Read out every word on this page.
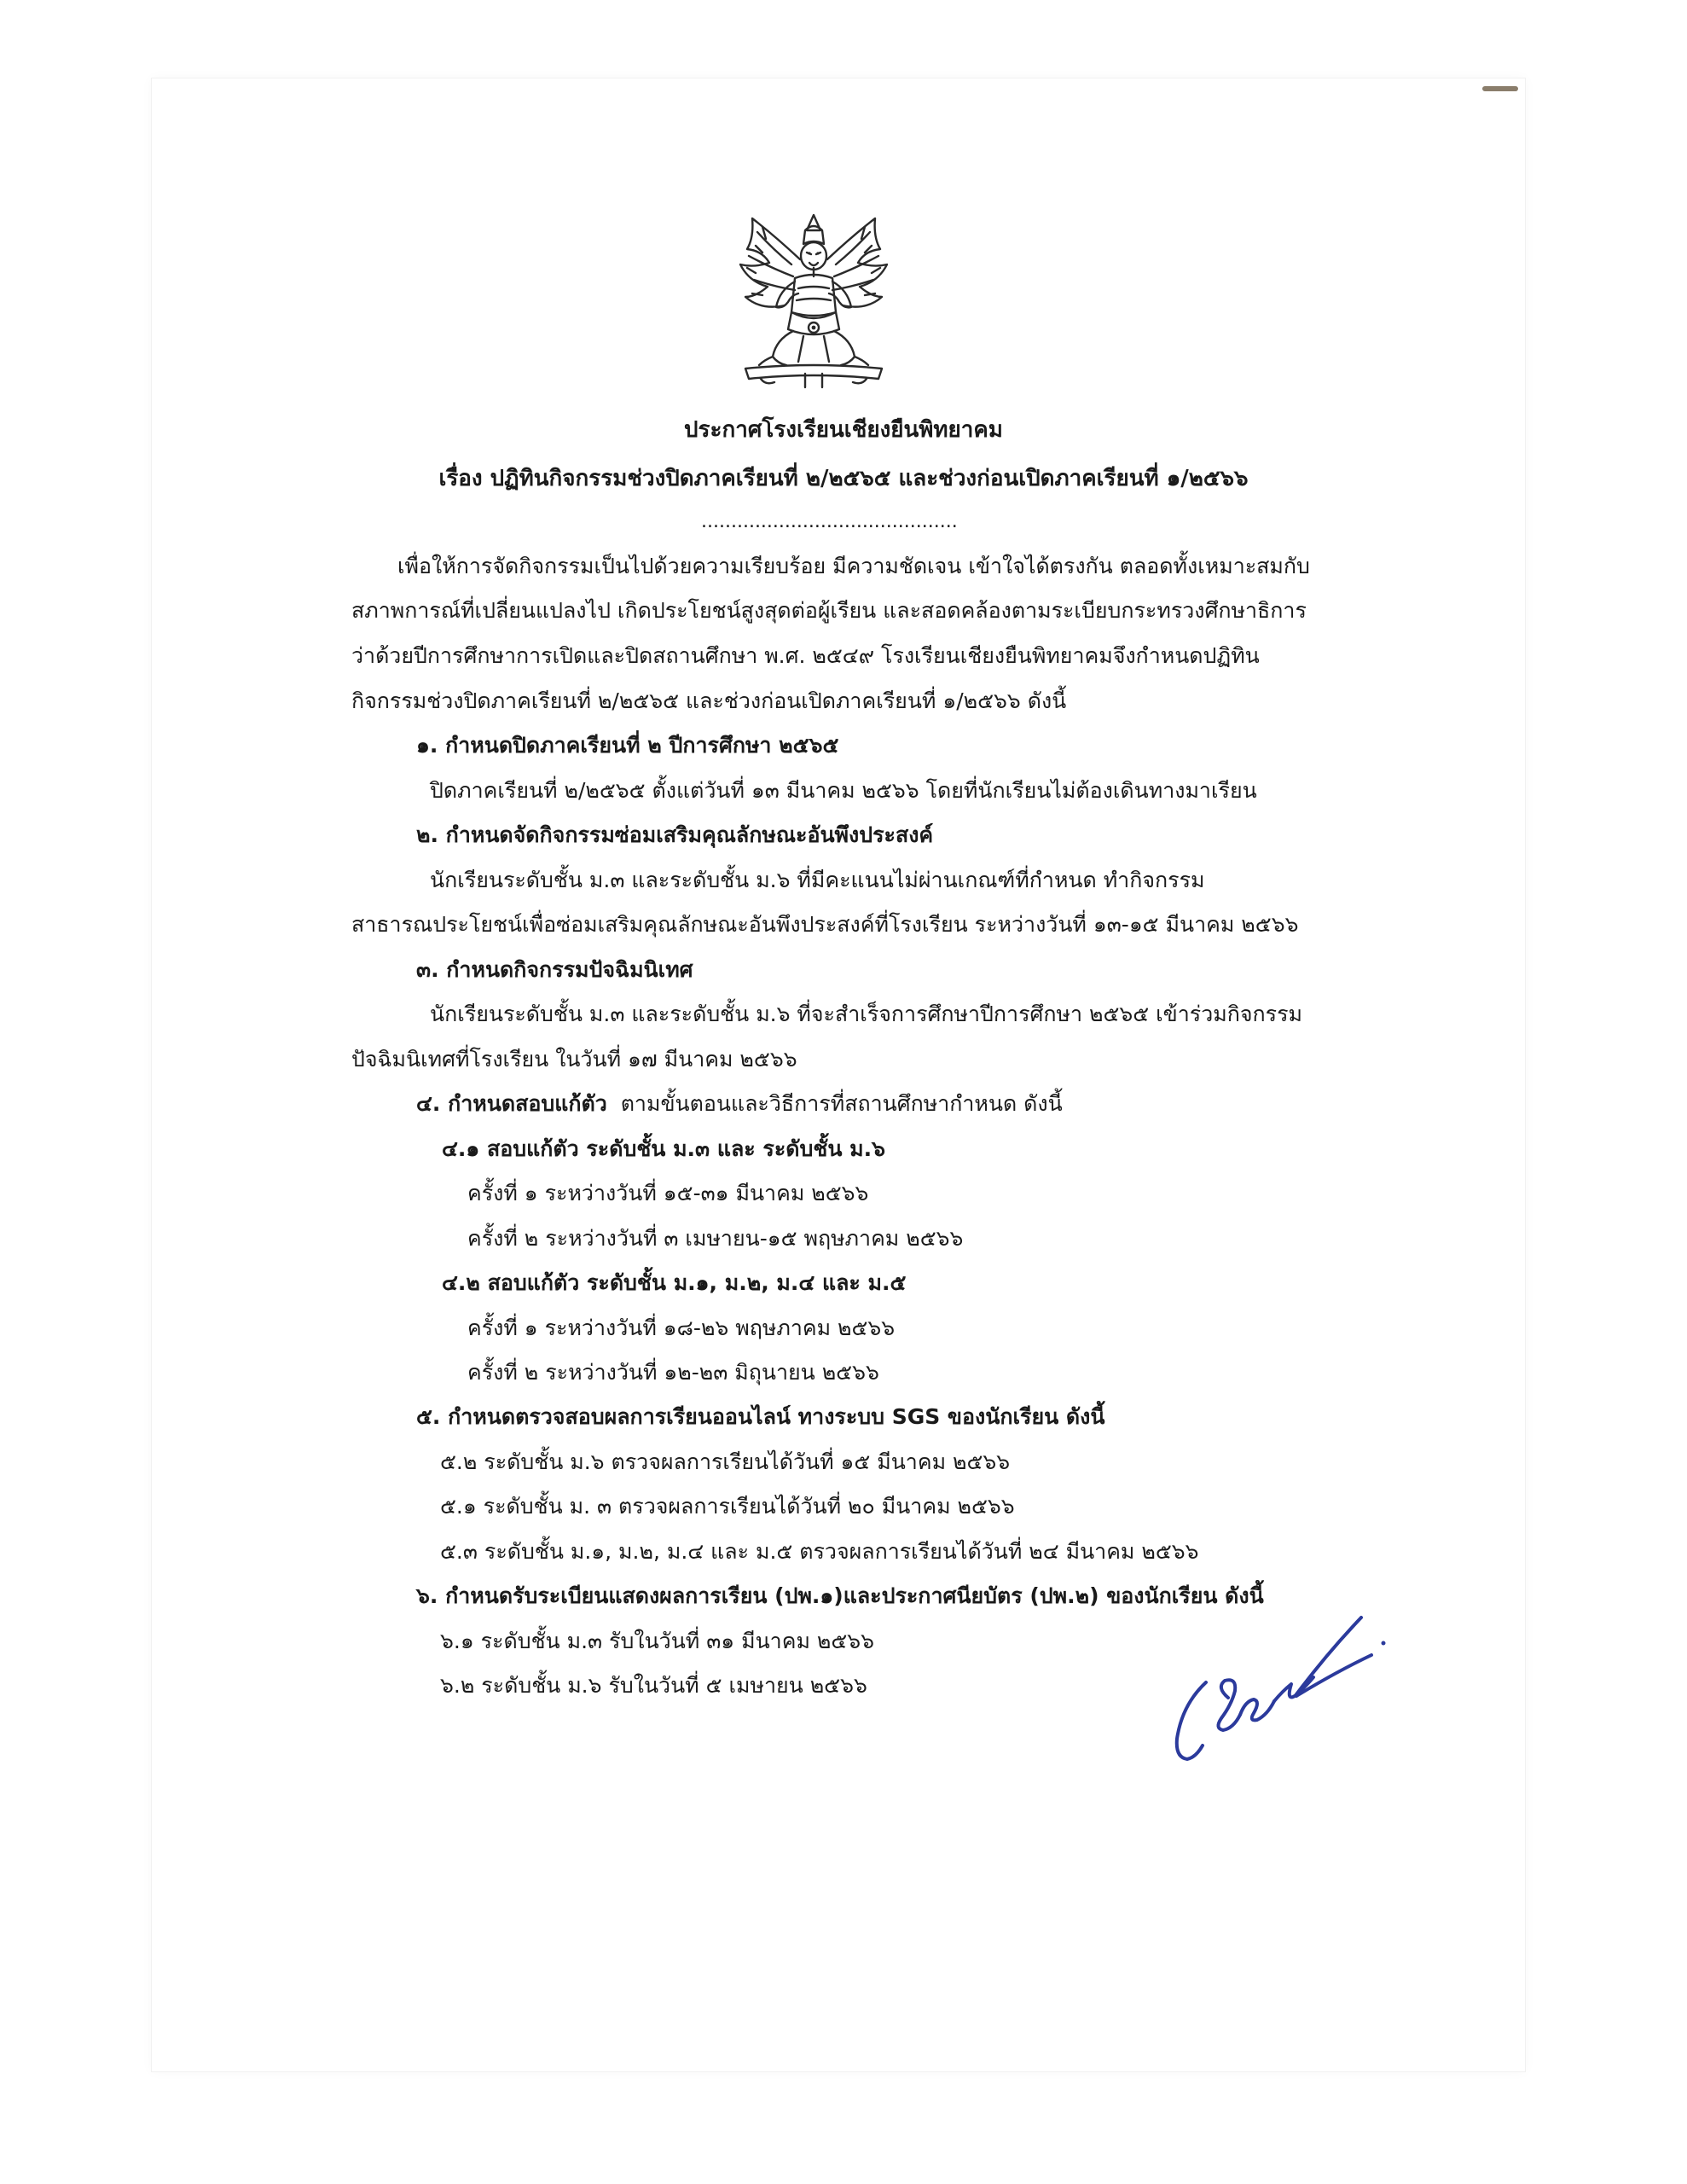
ประกาศโรงเรียนเชียงยืนพิทยาคม
เรื่อง ปฏิทินกิจกรรมช่วงปิดภาคเรียนที่ ๒/๒๕๖๕ และช่วงก่อนเปิดภาคเรียนที่ ๑/๒๕๖๖
...........................................
เพื่อให้การจัดกิจกรรมเป็นไปด้วยความเรียบร้อย มีความชัดเจน เข้าใจได้ตรงกัน ตลอดทั้งเหมาะสมกับ
สภาพการณ์ที่เปลี่ยนแปลงไป เกิดประโยชน์สูงสุดต่อผู้เรียน และสอดคล้องตามระเบียบกระทรวงศึกษาธิการ
ว่าด้วยปีการศึกษาการเปิดและปิดสถานศึกษา พ.ศ. ๒๕๔๙ โรงเรียนเชียงยืนพิทยาคมจึงกำหนดปฏิทิน
กิจกรรมช่วงปิดภาคเรียนที่ ๒/๒๕๖๕ และช่วงก่อนเปิดภาคเรียนที่ ๑/๒๕๖๖ ดังนี้
๑. กำหนดปิดภาคเรียนที่ ๒ ปีการศึกษา ๒๕๖๕
ปิดภาคเรียนที่ ๒/๒๕๖๕ ตั้งแต่วันที่ ๑๓ มีนาคม ๒๕๖๖ โดยที่นักเรียนไม่ต้องเดินทางมาเรียน
๒. กำหนดจัดกิจกรรมซ่อมเสริมคุณลักษณะอันพึงประสงค์
นักเรียนระดับชั้น ม.๓ และระดับชั้น ม.๖ ที่มีคะแนนไม่ผ่านเกณฑ์ที่กำหนด ทำกิจกรรม
สาธารณประโยชน์เพื่อซ่อมเสริมคุณลักษณะอันพึงประสงค์ที่โรงเรียน ระหว่างวันที่ ๑๓-๑๕ มีนาคม ๒๕๖๖
๓. กำหนดกิจกรรมปัจฉิมนิเทศ
นักเรียนระดับชั้น ม.๓ และระดับชั้น ม.๖ ที่จะสำเร็จการศึกษาปีการศึกษา ๒๕๖๕ เข้าร่วมกิจกรรม
ปัจฉิมนิเทศที่โรงเรียน ในวันที่ ๑๗ มีนาคม ๒๕๖๖
๔. กำหนดสอบแก้ตัว ตามขั้นตอนและวิธีการที่สถานศึกษากำหนด ดังนี้
๔.๑ สอบแก้ตัว ระดับชั้น ม.๓ และ ระดับชั้น ม.๖
ครั้งที่ ๑ ระหว่างวันที่ ๑๕-๓๑ มีนาคม ๒๕๖๖
ครั้งที่ ๒ ระหว่างวันที่ ๓ เมษายน-๑๕ พฤษภาคม ๒๕๖๖
๔.๒ สอบแก้ตัว ระดับชั้น ม.๑, ม.๒, ม.๔ และ ม.๕
ครั้งที่ ๑ ระหว่างวันที่ ๑๘-๒๖ พฤษภาคม ๒๕๖๖
ครั้งที่ ๒ ระหว่างวันที่ ๑๒-๒๓ มิถุนายน ๒๕๖๖
๕. กำหนดตรวจสอบผลการเรียนออนไลน์ ทางระบบ SGS ของนักเรียน ดังนี้
๕.๒ ระดับชั้น ม.๖ ตรวจผลการเรียนได้วันที่ ๑๕ มีนาคม ๒๕๖๖
๕.๑ ระดับชั้น ม. ๓ ตรวจผลการเรียนได้วันที่ ๒๐ มีนาคม ๒๕๖๖
๕.๓ ระดับชั้น ม.๑, ม.๒, ม.๔ และ ม.๕ ตรวจผลการเรียนได้วันที่ ๒๔ มีนาคม ๒๕๖๖
๖. กำหนดรับระเบียนแสดงผลการเรียน (ปพ.๑)และประกาศนียบัตร (ปพ.๒) ของนักเรียน ดังนี้
๖.๑ ระดับชั้น ม.๓ รับในวันที่ ๓๑ มีนาคม ๒๕๖๖
๖.๒ ระดับชั้น ม.๖ รับในวันที่ ๕ เมษายน ๒๕๖๖
